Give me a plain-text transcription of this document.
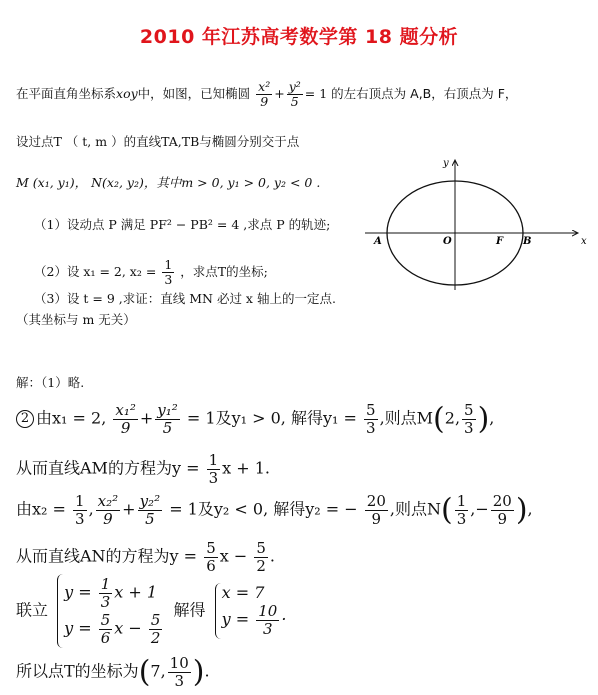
2010 年江苏高考数学第 18 题分析
在平面直角坐标系xoy中，如图，已知椭圆 $\frac{\text{x²}}{9} + \frac{\text{y²}}{5} = 1$ 的左右顶点为 A,B，右顶点为 F，
设过点T （ t, m ）的直线TA,TB与椭圆分别交于点
M (x₁, y₁)， N(x₂, y₂)，其中m > 0, y₁ > 0, y₂ < 0 .
（1）设动点 P 满足 PF² − PB² = 4 ,求点 P 的轨迹;
（2）设 x₁ = 2, $x_2 = \frac{1}{3}$ ，求点T的坐标;
（3）设 t = 9 ,求证：直线 MN 必过 x 轴上的一定点.
（其坐标与 m 无关）
x
y
A	O	F B
解：（1）略.
2 由x₁ = 2, $\frac{\text{x₁²}}{9} + \frac{\text{y₁²}}{5} = 1$及y₁ > 0, 解得$y_1 = \frac{5}{3}$ ,则点M(2, $\frac{5}{3}$ ),
从而直线AM的方程为$y = \frac{1}{3}$ x + 1.
由$x_2 = \frac{1}{3}$ , $\frac{\text{x₂²}}{9} + \frac{\text{y₂²}}{5} = 1$及y₂ < 0, 解得y₂ = − $\frac{20}{9}$ ,则点$N( \frac{1}{3}$ ,− $\frac{20}{9}$ ),
从而直线AN的方程为$y = \frac{5}{6}$ $x - \frac{5}{2}$ .
联立
$y = \frac{1}{3}$ x + 1
$y = \frac{5}{6}$ $x - \frac{5}{2}$
解得
x = 7
$y = \frac{10}{3}$ ·
所以点T的坐标为(7, $\frac{10}{3}$ ).
